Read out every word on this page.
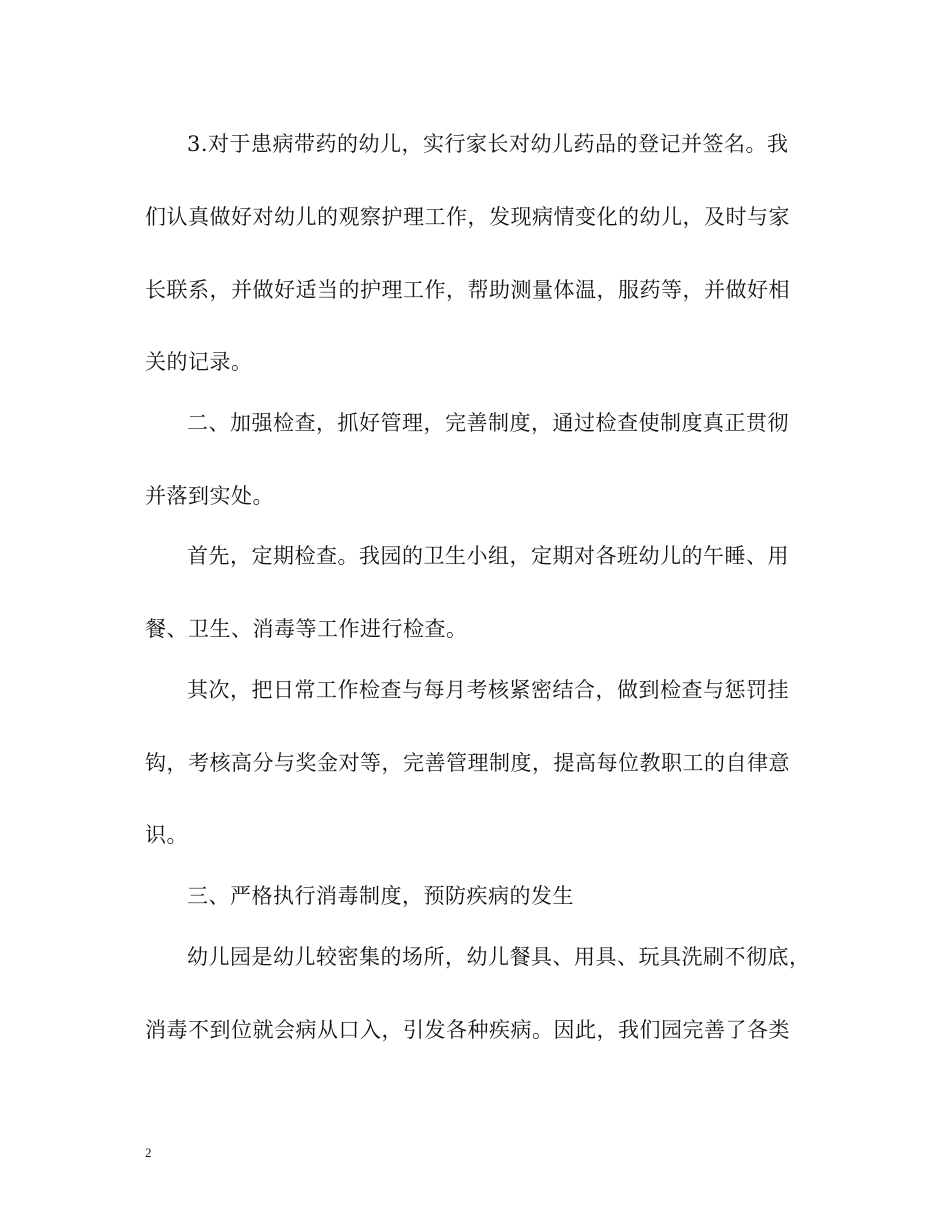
3.对于患病带药的幼儿，实行家长对幼儿药品的登记并签名。我
们认真做好对幼儿的观察护理工作，发现病情变化的幼儿，及时与家
长联系，并做好适当的护理工作，帮助测量体温，服药等，并做好相
关的记录。
二、加强检查，抓好管理，完善制度，通过检查使制度真正贯彻
并落到实处。
首先，定期检查。我园的卫生小组，定期对各班幼儿的午睡、用
餐、卫生、消毒等工作进行检查。
其次，把日常工作检查与每月考核紧密结合，做到检查与惩罚挂
钩，考核高分与奖金对等，完善管理制度，提高每位教职工的自律意
识。
三、严格执行消毒制度，预防疾病的发生
幼儿园是幼儿较密集的场所，幼儿餐具、用具、玩具洗刷不彻底，
消毒不到位就会病从口入，引发各种疾病。因此，我们园完善了各类
2
